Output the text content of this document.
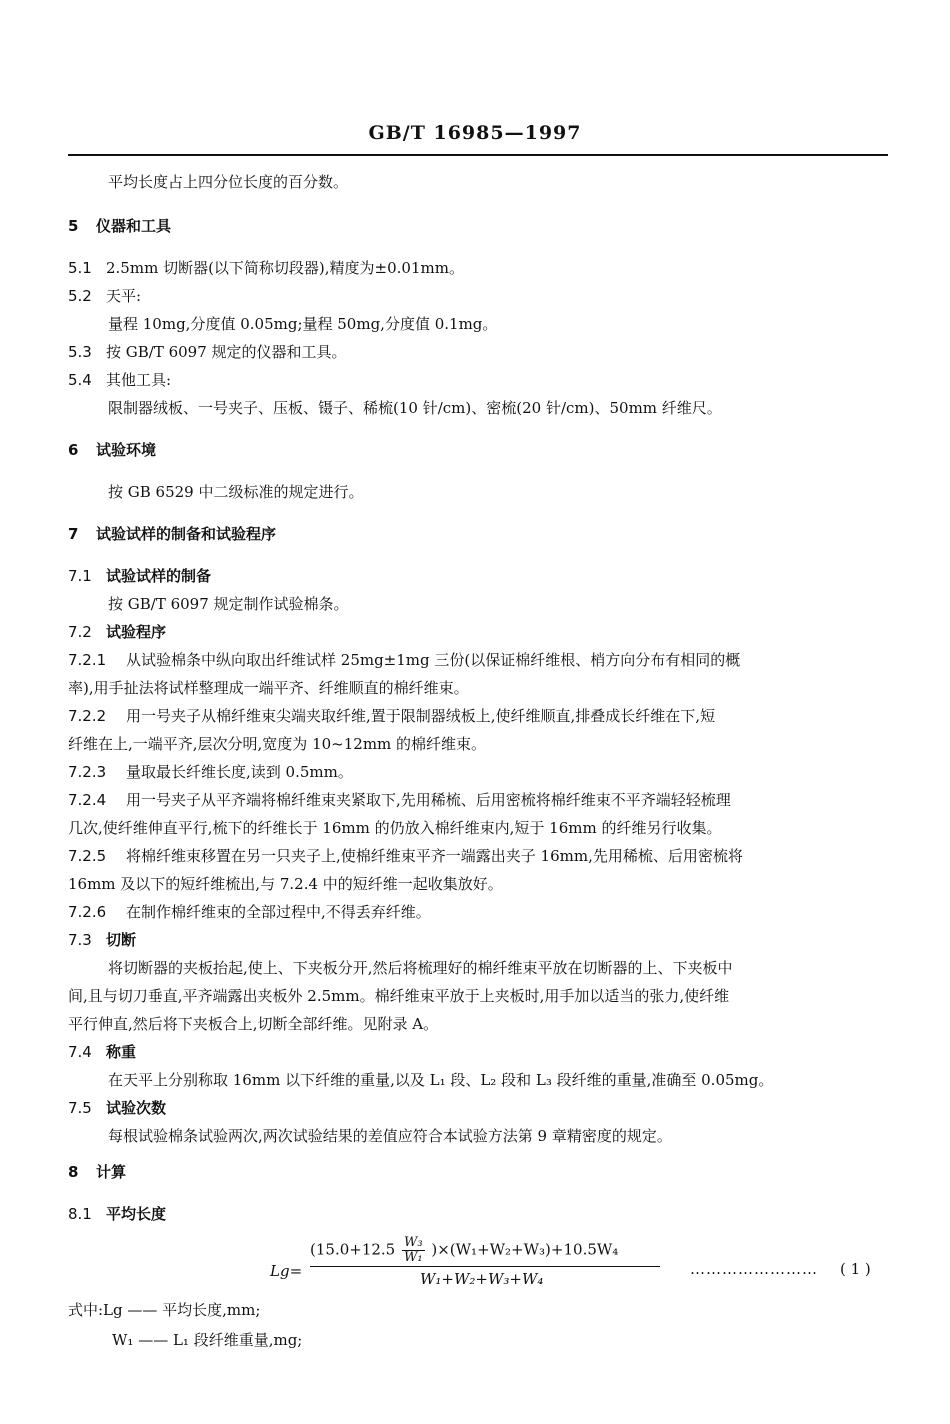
GB/T 16985—1997
平均长度占上四分位长度的百分数。
5 仪器和工具
5.1 2.5mm 切断器(以下简称切段器),精度为±0.01mm。
5.2 天平:
量程 10mg,分度值 0.05mg;量程 50mg,分度值 0.1mg。
5.3 按 GB/T 6097 规定的仪器和工具。
5.4 其他工具:
限制器绒板、一号夹子、压板、镊子、稀梳(10 针/cm)、密梳(20 针/cm)、50mm 纤维尺。
6 试验环境
按 GB 6529 中二级标准的规定进行。
7 试验试样的制备和试验程序
7.1 试验试样的制备
按 GB/T 6097 规定制作试验棉条。
7.2 试验程序
7.2.1 从试验棉条中纵向取出纤维试样 25mg±1mg 三份(以保证棉纤维根、梢方向分布有相同的概
率),用手扯法将试样整理成一端平齐、纤维顺直的棉纤维束。
7.2.2 用一号夹子从棉纤维束尖端夹取纤维,置于限制器绒板上,使纤维顺直,排叠成长纤维在下,短
纤维在上,一端平齐,层次分明,宽度为 10~12mm 的棉纤维束。
7.2.3 量取最长纤维长度,读到 0.5mm。
7.2.4 用一号夹子从平齐端将棉纤维束夹紧取下,先用稀梳、后用密梳将棉纤维束不平齐端轻轻梳理
几次,使纤维伸直平行,梳下的纤维长于 16mm 的仍放入棉纤维束内,短于 16mm 的纤维另行收集。
7.2.5 将棉纤维束移置在另一只夹子上,使棉纤维束平齐一端露出夹子 16mm,先用稀梳、后用密梳将
16mm 及以下的短纤维梳出,与 7.2.4 中的短纤维一起收集放好。
7.2.6 在制作棉纤维束的全部过程中,不得丢弃纤维。
7.3 切断
将切断器的夹板抬起,使上、下夹板分开,然后将梳理好的棉纤维束平放在切断器的上、下夹板中
间,且与切刀垂直,平齐端露出夹板外 2.5mm。棉纤维束平放于上夹板时,用手加以适当的张力,使纤维
平行伸直,然后将下夹板合上,切断全部纤维。见附录 A。
7.4 称重
在天平上分别称取 16mm 以下纤维的重量,以及 L₁ 段、L₂ 段和 L₃ 段纤维的重量,准确至 0.05mg。
7.5 试验次数
每根试验棉条试验两次,两次试验结果的差值应符合本试验方法第 9 章精密度的规定。
8 计算
8.1 平均长度
式中:Lg —— 平均长度,mm;
W₁ —— L₁ 段纤维重量,mg;
Lg=
$(15.0+12.5 \frac{\text{W₃}}{\text{W₁}} )\times(W_1+W_2+W_3)+10.5W_4$
W₁+W₂+W₃+W₄
…………………… ( 1 )
